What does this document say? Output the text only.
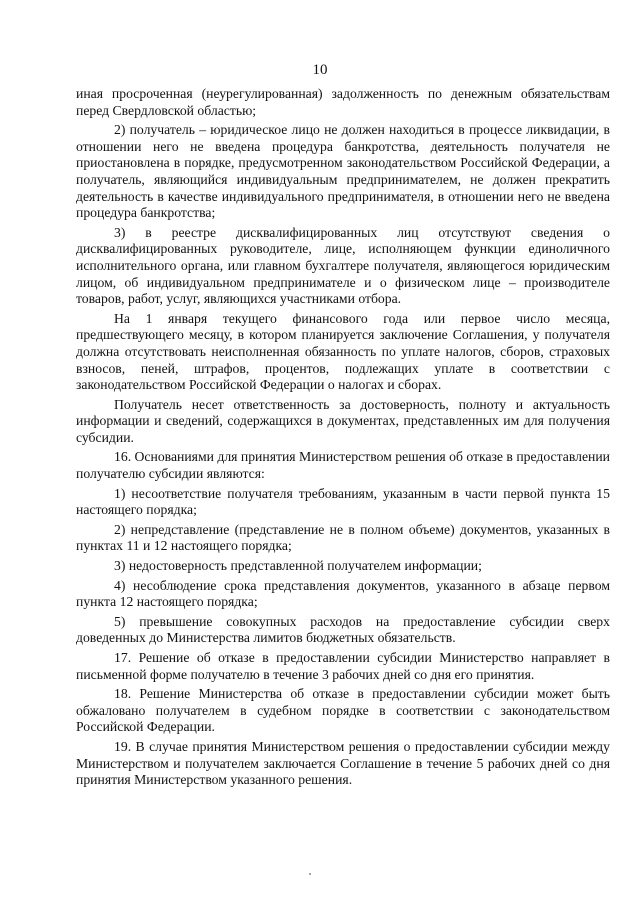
10

иная просроченная (неурегулированная) задолженность по денежным обязательствам перед Свердловской областью;

2) получатель – юридическое лицо не должен находиться в процессе ликвидации, в отношении него не введена процедура банкротства, деятельность получателя не приостановлена в порядке, предусмотренном законодательством Российской Федерации, а получатель, являющийся индивидуальным предпринимателем, не должен прекратить деятельность в качестве индивидуального предпринимателя, в отношении него не введена процедура банкротства;

3) в реестре дисквалифицированных лиц отсутствуют сведения о дисквалифицированных руководителе, лице, исполняющем функции единоличного исполнительного органа, или главном бухгалтере получателя, являющегося юридическим лицом, об индивидуальном предпринимателе и о физическом лице – производителе товаров, работ, услуг, являющихся участниками отбора.

На 1 января текущего финансового года или первое число месяца, предшествующего месяцу, в котором планируется заключение Соглашения, у получателя должна отсутствовать неисполненная обязанность по уплате налогов, сборов, страховых взносов, пеней, штрафов, процентов, подлежащих уплате в соответствии с законодательством Российской Федерации о налогах и сборах.

Получатель несет ответственность за достоверность, полноту и актуальность информации и сведений, содержащихся в документах, представленных им для получения субсидии.

16. Основаниями для принятия Министерством решения об отказе в предоставлении получателю субсидии являются:

1) несоответствие получателя требованиям, указанным в части первой пункта 15 настоящего порядка;

2) непредставление (представление не в полном объеме) документов, указанных в пунктах 11 и 12 настоящего порядка;

3) недостоверность представленной получателем информации;

4) несоблюдение срока представления документов, указанного в абзаце первом пункта 12 настоящего порядка;

5) превышение совокупных расходов на предоставление субсидии сверх доведенных до Министерства лимитов бюджетных обязательств.

17. Решение об отказе в предоставлении субсидии Министерство направляет в письменной форме получателю в течение 3 рабочих дней со дня его принятия.

18. Решение Министерства об отказе в предоставлении субсидии может быть обжаловано получателем в судебном порядке в соответствии с законодательством Российской Федерации.

19. В случае принятия Министерством решения о предоставлении субсидии между Министерством и получателем заключается Соглашение в течение 5 рабочих дней со дня принятия Министерством указанного решения.
